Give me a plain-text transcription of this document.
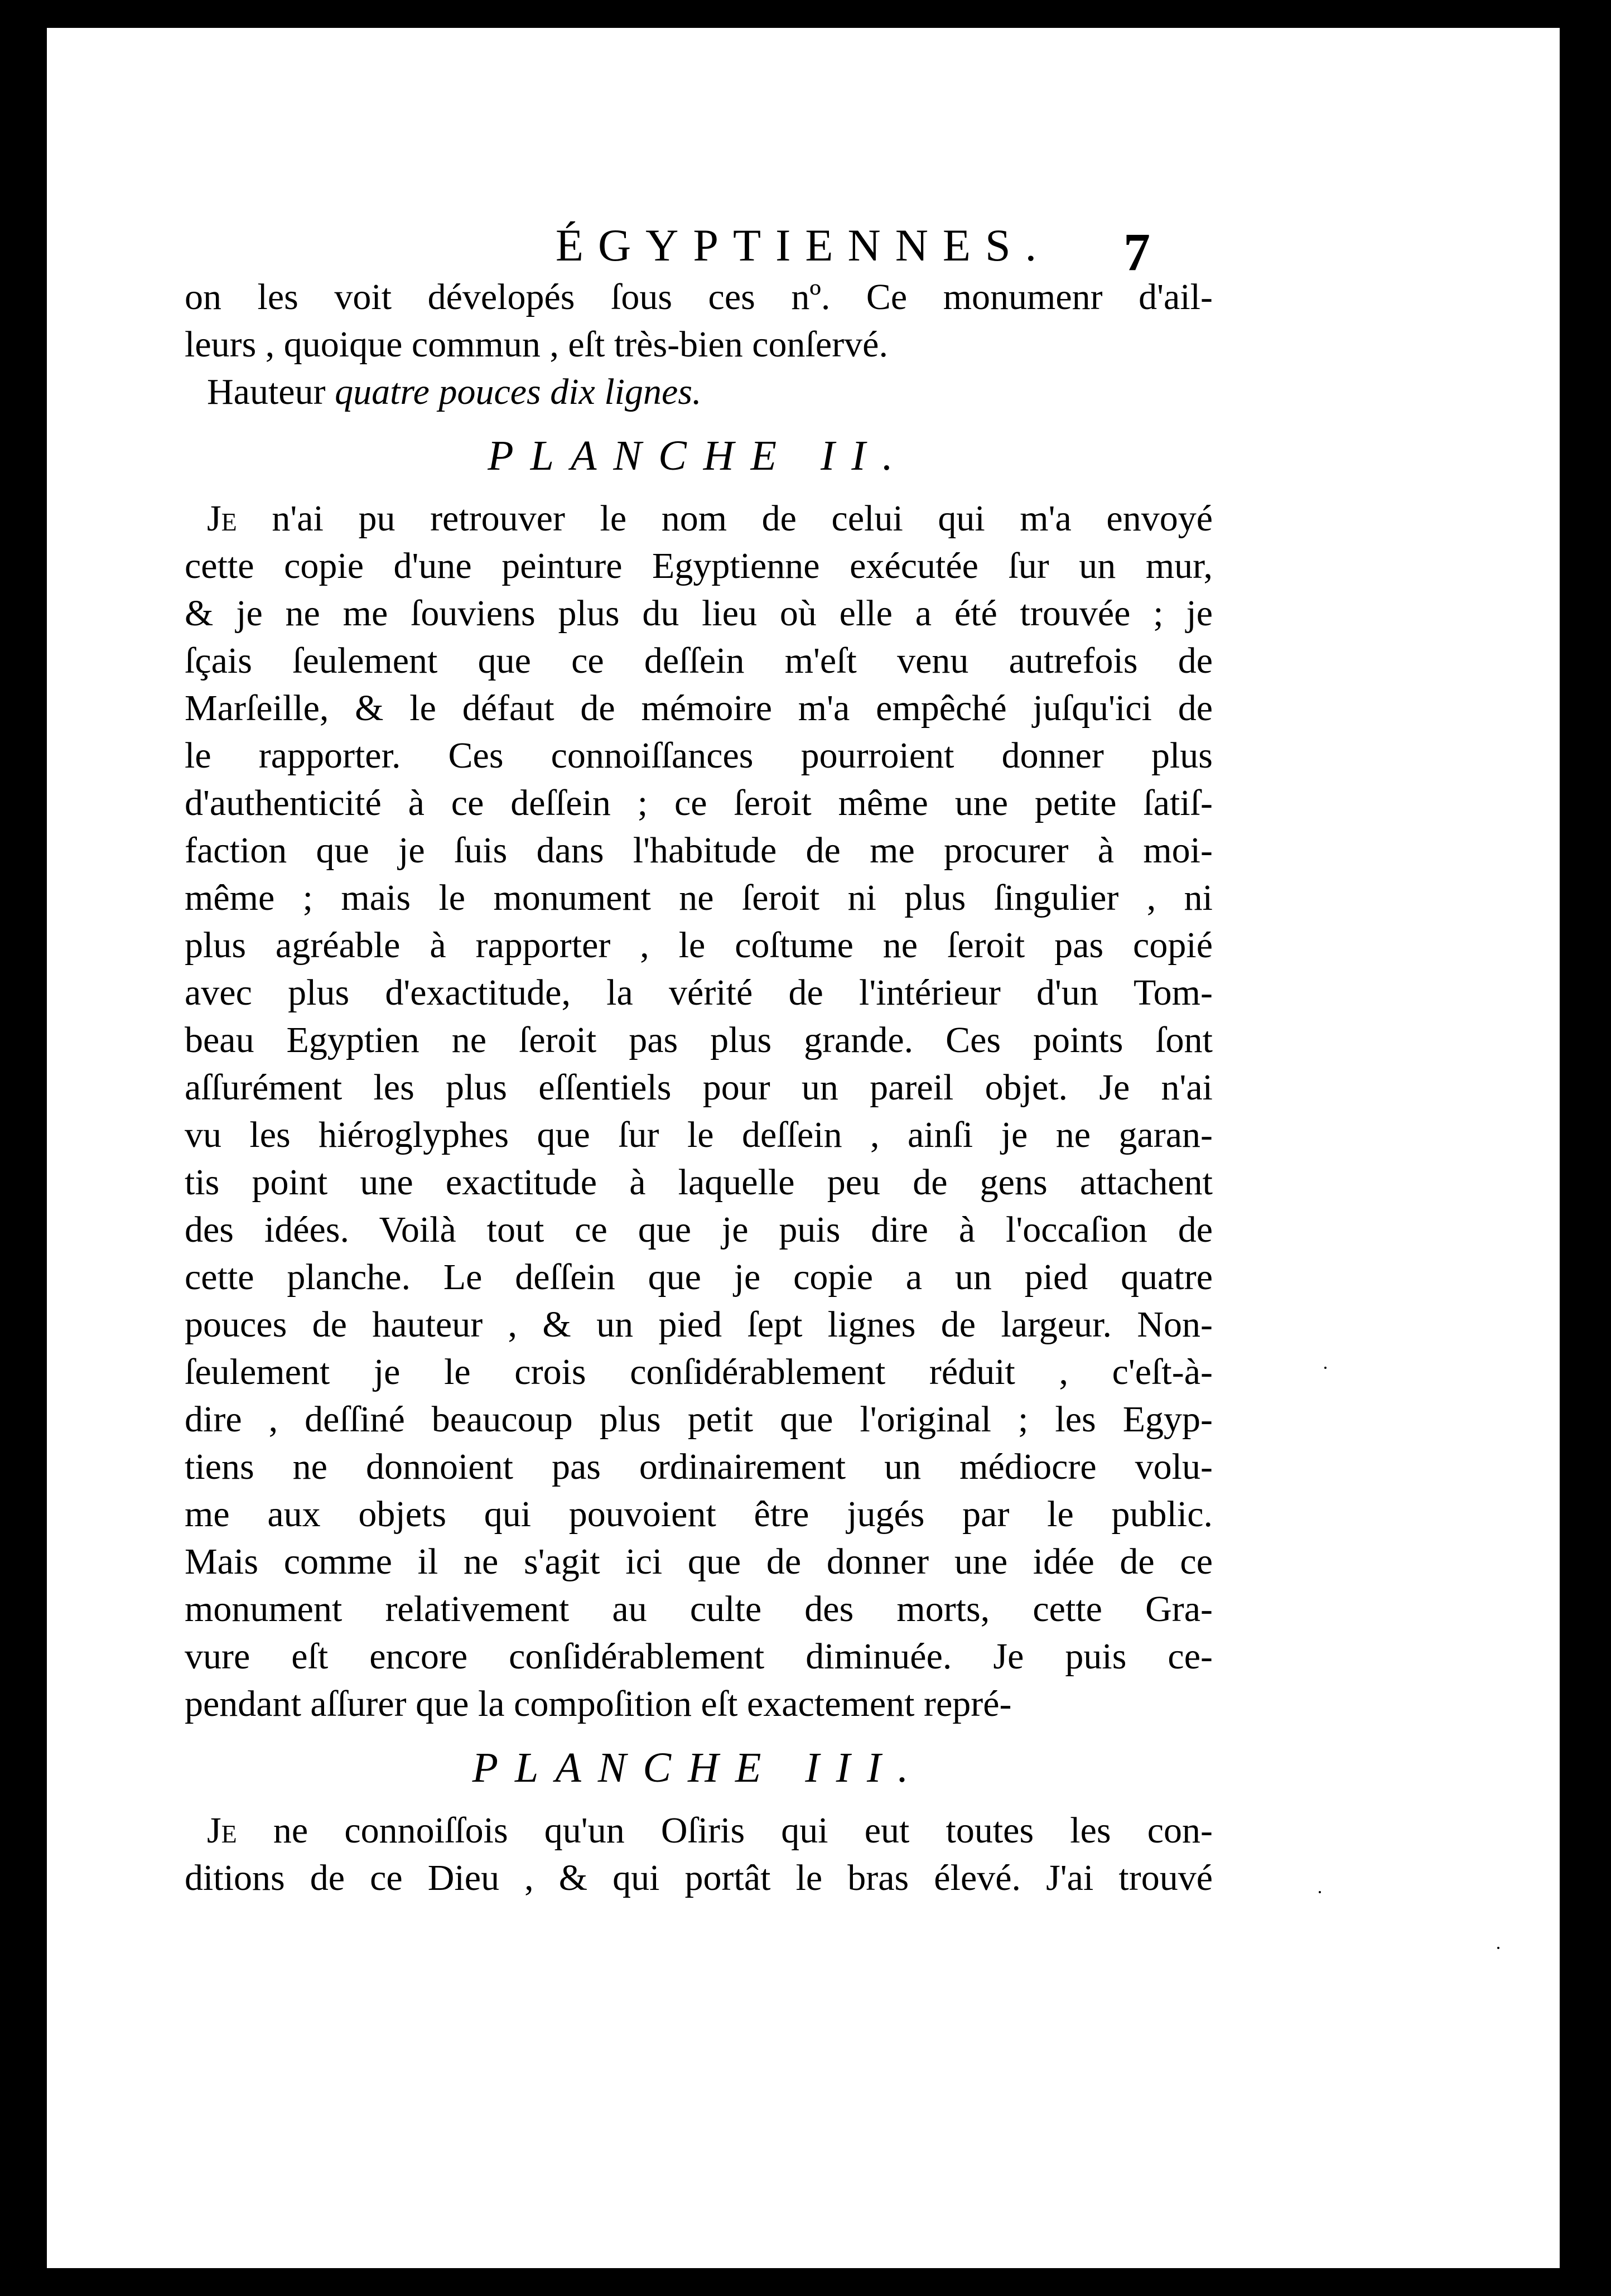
ÉGYPTIENNES.	7
on les voit dévelopés ſous ces nº. Ce monumenr d'ail-
leurs , quoique commun , eſt très-bien conſervé.
Hauteur quatre pouces dix lignes.
PLANCHE II.
Je n'ai pu retrouver le nom de celui qui m'a envoyé
cette copie d'une peinture Egyptienne exécutée ſur un mur,
& je ne me ſouviens plus du lieu où elle a été trouvée ; je
ſçais ſeulement que ce deſſein m'eſt venu autrefois de
Marſeille, & le défaut de mémoire m'a empêché juſqu'ici de
le rapporter. Ces connoiſſances pourroient donner plus
d'authenticité à ce deſſein ; ce ſeroit même une petite ſatiſ-
faction que je ſuis dans l'habitude de me procurer à moi-
même ; mais le monument ne ſeroit ni plus ſingulier , ni
plus agréable à rapporter , le coſtume ne ſeroit pas copié
avec plus d'exactitude, la vérité de l'intérieur d'un Tom-
beau Egyptien ne ſeroit pas plus grande. Ces points ſont
aſſurément les plus eſſentiels pour un pareil objet. Je n'ai
vu les hiéroglyphes que ſur le deſſein , ainſi je ne garan-
tis point une exactitude à laquelle peu de gens attachent
des idées. Voilà tout ce que je puis dire à l'occaſion de
cette planche. Le deſſein que je copie a un pied quatre
pouces de hauteur , & un pied ſept lignes de largeur. Non-
ſeulement je le crois conſidérablement réduit , c'eſt-à-
dire , deſſiné beaucoup plus petit que l'original ; les Egyp-
tiens ne donnoient pas ordinairement un médiocre volu-
me aux objets qui pouvoient être jugés par le public.
Mais comme il ne s'agit ici que de donner une idée de ce
monument relativement au culte des morts, cette Gra-
vure eſt encore conſidérablement diminuée. Je puis ce-
pendant aſſurer que la compoſition eſt exactement repré-
PLANCHE III.
Je ne connoiſſois qu'un Oſiris qui eut toutes les con-
ditions de ce Dieu , & qui portât le bras élevé. J'ai trouvé
